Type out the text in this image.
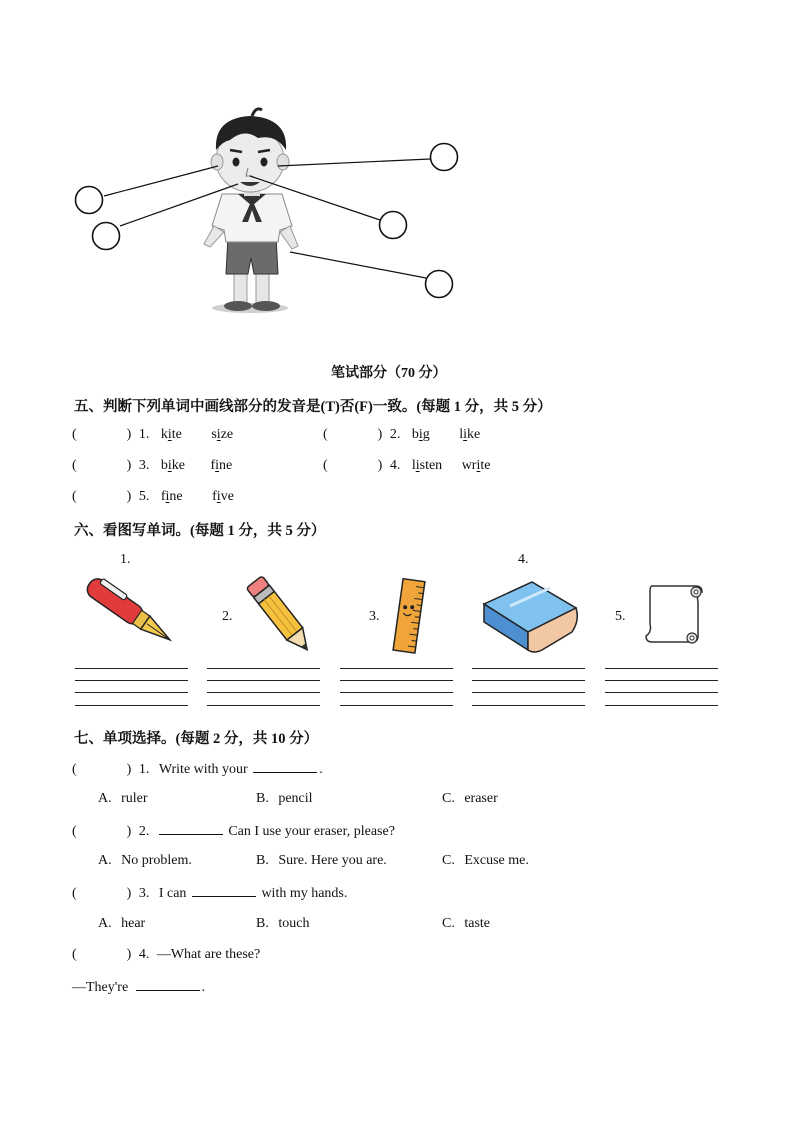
笔试部分（70 分）
五、判断下列单词中画线部分的发音是(T)否(F)一致。(每题 1 分，共 5 分）
(	) 1. kite size	(	) 2. big like
(	) 3. bike fine	(	) 4. listen write
(	) 5. fine five
六、看图写单词。(每题 1 分，共 5 分）
1.
2.	3.
4.
5.
七、单项选择。(每题 2 分，共 10 分）
(	) 1. Write with your	.
A. ruler	B. pencil	C. eraser
(	) 2.	Can I use your eraser, please?
A. No problem.	B. Sure. Here you are.	C. Excuse me.
(	) 3. I can	with my hands.
A. hear	B. touch	C. taste
(	) 4. —What are these?
—They're	.
